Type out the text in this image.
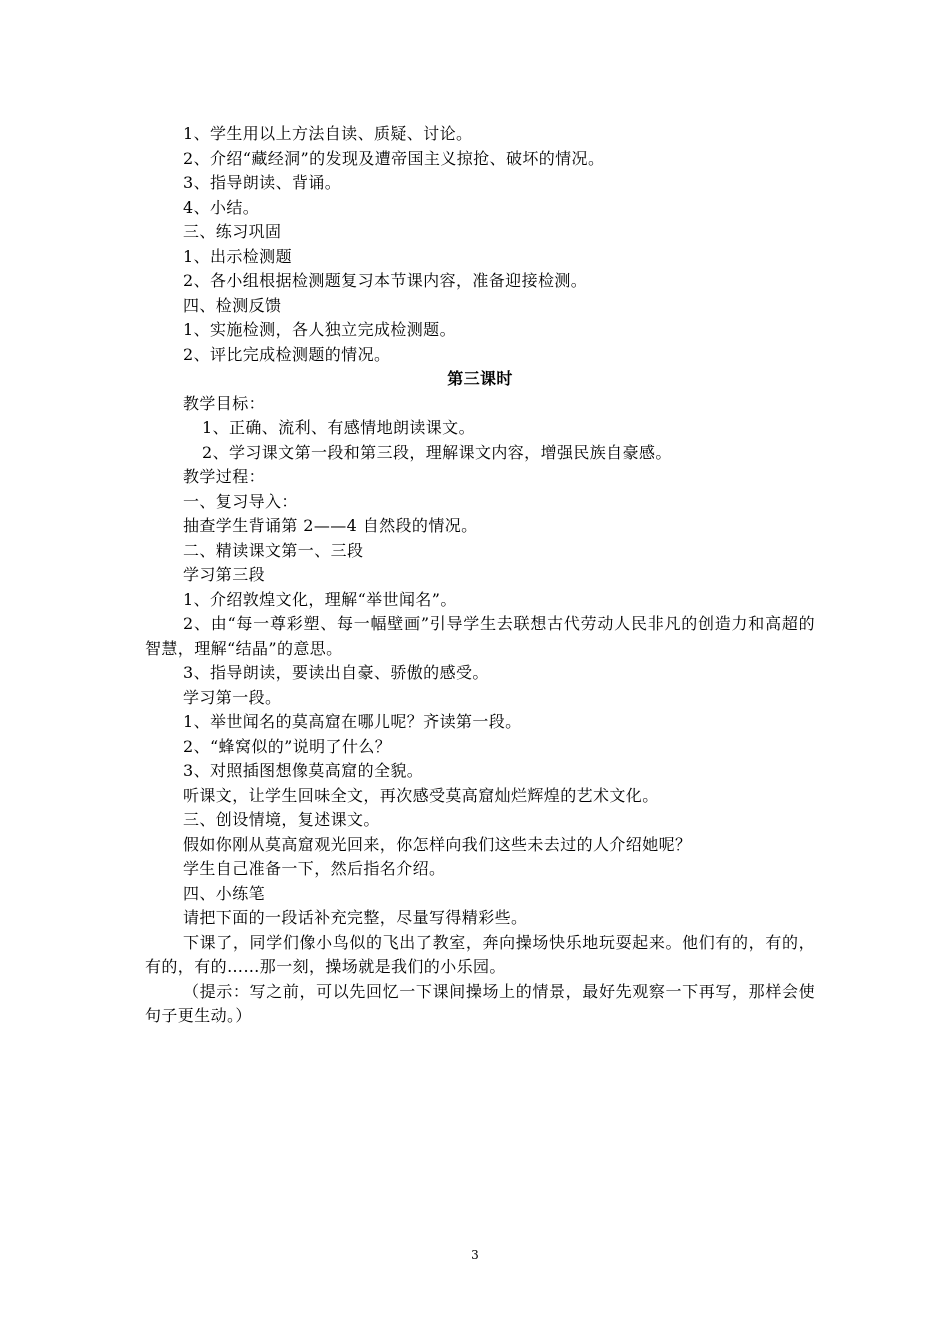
1、学生用以上方法自读、质疑、讨论。
2、介绍“藏经洞”的发现及遭帝国主义掠抢、破坏的情况。
3、指导朗读、背诵。
4、小结。
三、练习巩固
1、出示检测题
2、各小组根据检测题复习本节课内容，准备迎接检测。
四、检测反馈
1、实施检测，各人独立完成检测题。
2、评比完成检测题的情况。
第三课时
教学目标：
1、正确、流利、有感情地朗读课文。
2、学习课文第一段和第三段，理解课文内容，增强民族自豪感。
教学过程：
一、复习导入：
抽查学生背诵第 2——4 自然段的情况。
二、精读课文第一、三段
学习第三段
1、介绍敦煌文化，理解“举世闻名”。
2、由“每一尊彩塑、每一幅壁画”引导学生去联想古代劳动人民非凡的创造力和高超的智慧，理解“结晶”的意思。
3、指导朗读，要读出自豪、骄傲的感受。
学习第一段。
1、举世闻名的莫高窟在哪儿呢？齐读第一段。
2、“蜂窝似的”说明了什么？
3、对照插图想像莫高窟的全貌。
听课文，让学生回味全文，再次感受莫高窟灿烂辉煌的艺术文化。
三、创设情境，复述课文。
假如你刚从莫高窟观光回来，你怎样向我们这些未去过的人介绍她呢？
学生自己准备一下，然后指名介绍。
四、小练笔
请把下面的一段话补充完整，尽量写得精彩些。
下课了，同学们像小鸟似的飞出了教室，奔向操场快乐地玩耍起来。他们有的，有的，有的，有的……那一刻，操场就是我们的小乐园。
（提示：写之前，可以先回忆一下课间操场上的情景，最好先观察一下再写，那样会使句子更生动。）
3
